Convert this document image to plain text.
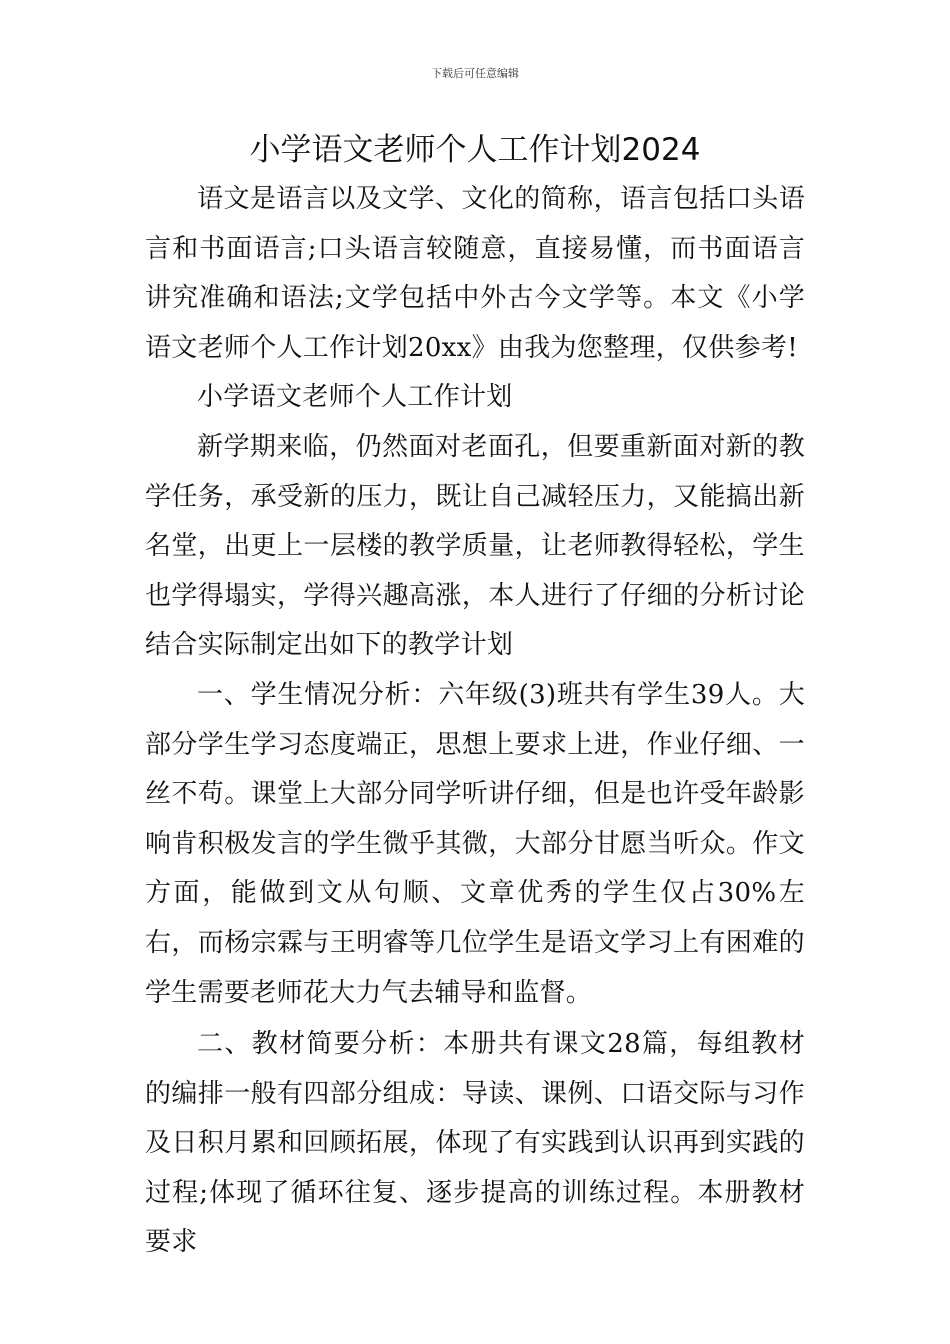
下载后可任意编辑
小学语文老师个人工作计划2024

语文是语言以及文学、文化的简称，语言包括口头语言和书面语言;口头语言较随意，直接易懂，而书面语言讲究准确和语法;文学包括中外古今文学等。本文《小学语文老师个人工作计划20xx》由我为您整理，仅供参考!

小学语文老师个人工作计划

新学期来临，仍然面对老面孔，但要重新面对新的教学任务，承受新的压力，既让自己减轻压力，又能搞出新名堂，出更上一层楼的教学质量，让老师教得轻松，学生也学得塌实，学得兴趣高涨，本人进行了仔细的分析讨论结合实际制定出如下的教学计划

一、学生情况分析：六年级(3)班共有学生39人。大部分学生学习态度端正，思想上要求上进，作业仔细、一丝不苟。课堂上大部分同学听讲仔细，但是也许受年龄影响肯积极发言的学生微乎其微，大部分甘愿当听众。作文方面，能做到文从句顺、文章优秀的学生仅占30%左右，而杨宗霖与王明睿等几位学生是语文学习上有困难的学生需要老师花大力气去辅导和监督。

二、教材简要分析：本册共有课文28篇，每组教材的编排一般有四部分组成：导读、课例、口语交际与习作及日积月累和回顾拓展，体现了有实践到认识再到实践的过程;体现了循环往复、逐步提高的训练过程。本册教材要求
